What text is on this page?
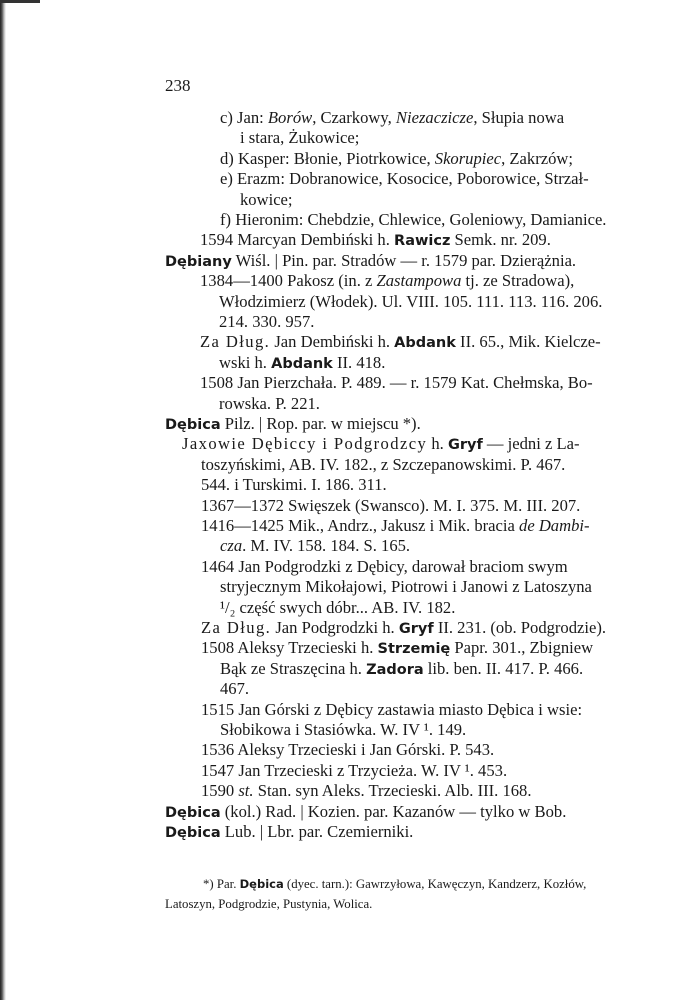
238
c) Jan: Borów, Czarkowy, Niezaczicze, Słupia nowa
i stara, Żukowice;
d) Kasper: Błonie, Piotrkowice, Skorupiec, Zakrzów;
e) Erazm: Dobranowice, Kosocice, Poborowice, Strzał-
kowice;
f) Hieronim: Chebdzie, Chlewice, Goleniowy, Damianice.
1594 Marcyan Dembiński h. Rawicz Semk. nr. 209.
Dębiany Wiśl. | Pin. par. Stradów — r. 1579 par. Dzierążnia.
1384—1400 Pakosz (in. z Zastampowa tj. ze Stradowa),
Włodzimierz (Włodek). Ul. VIII. 105. 111. 113. 116. 206.
214. 330. 957.
Za Dług. Jan Dembiński h. Abdank II. 65., Mik. Kielcze-
wski h. Abdank II. 418.
1508 Jan Pierzchała. P. 489. — r. 1579 Kat. Chełmska, Bo-
rowska. P. 221.
Dębica Pilz. | Rop. par. w miejscu *).
Jaxowie Dębiccy i Podgrodzcy h. Gryf — jedni z La-
toszyńskimi, AB. IV. 182., z Szczepanowskimi. P. 467.
544. i Turskimi. I. 186. 311.
1367—1372 Swięszek (Swansco). M. I. 375. M. III. 207.
1416—1425 Mik., Andrz., Jakusz i Mik. bracia de Dambi-
cza. M. IV. 158. 184. S. 165.
1464 Jan Podgrodzki z Dębicy, darował braciom swym
stryjecznym Mikołajowi, Piotrowi i Janowi z Latoszyna
¹/₂ część swych dóbr... AB. IV. 182.
Za Dług. Jan Podgrodzki h. Gryf II. 231. (ob. Podgrodzie).
1508 Aleksy Trzecieski h. Strzemię Papr. 301., Zbigniew
Bąk ze Straszęcina h. Zadora lib. ben. II. 417. P. 466.
467.
1515 Jan Górski z Dębicy zastawia miasto Dębica i wsie:
Słobikowa i Stasiówka. W. IV ¹. 149.
1536 Aleksy Trzecieski i Jan Górski. P. 543.
1547 Jan Trzecieski z Trzycieża. W. IV ¹. 453.
1590 st. Stan. syn Aleks. Trzecieski. Alb. III. 168.
Dębica (kol.) Rad. | Kozien. par. Kazanów — tylko w Bob.
Dębica Lub. | Lbr. par. Czemierniki.
*) Par. Dębica (dyec. tarn.): Gawrzyłowa, Kawęczyn, Kandzerz, Kozłów,
Latoszyn, Podgrodzie, Pustynia, Wolica.
